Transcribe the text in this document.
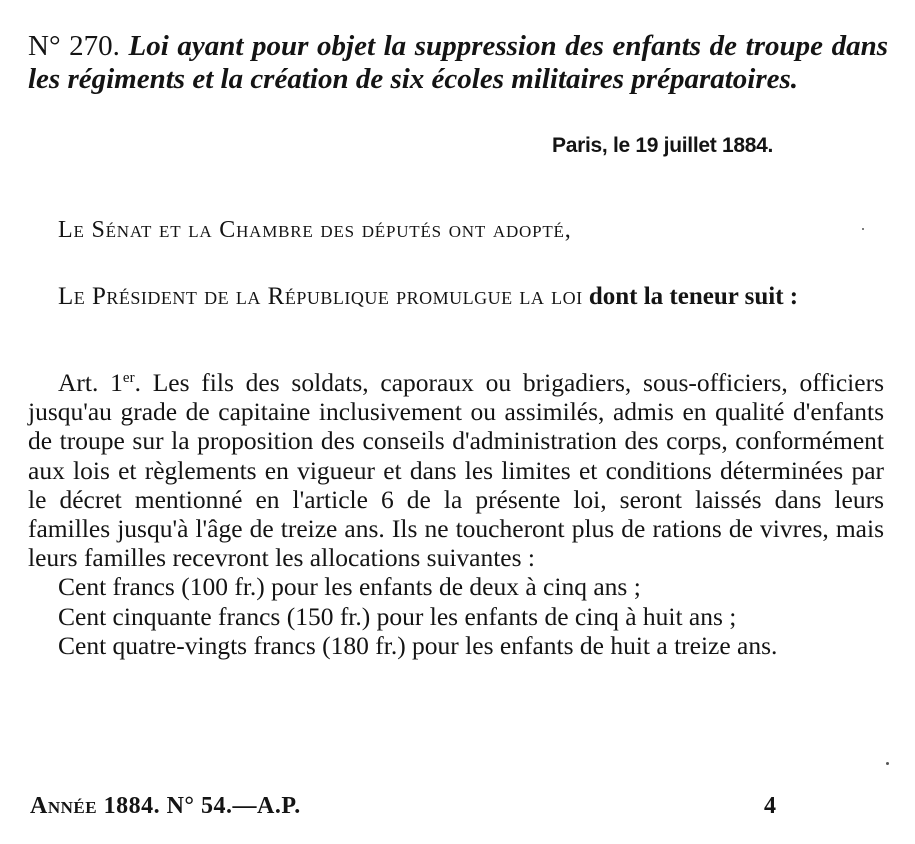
N° 270. Loi ayant pour objet la suppression des enfants de troupe dans les régiments et la création de six écoles militaires préparatoires.

Paris, le 19 juillet 1884.

Le Sénat et la Chambre des députés ont adopté,

Le Président de la République promulgue la loi dont la teneur suit :

Art. 1er. Les fils des soldats, caporaux ou brigadiers, sous-officiers, officiers jusqu'au grade de capitaine inclusivement ou assimilés, admis en qualité d'enfants de troupe sur la proposition des conseils d'administration des corps, conformément aux lois et règlements en vigueur et dans les limites et conditions déterminées par le décret mentionné en l'article 6 de la présente loi, seront laissés dans leurs familles jusqu'à l'âge de treize ans. Ils ne toucheront plus de rations de vivres, mais leurs familles recevront les allocations suivantes :

Cent francs (100 fr.) pour les enfants de deux à cinq ans ;

Cent cinquante francs (150 fr.) pour les enfants de cinq à huit ans ;

Cent quatre-vingts francs (180 fr.) pour les enfants de huit a treize ans.

Année 1884. N° 54.—A.P.	4
